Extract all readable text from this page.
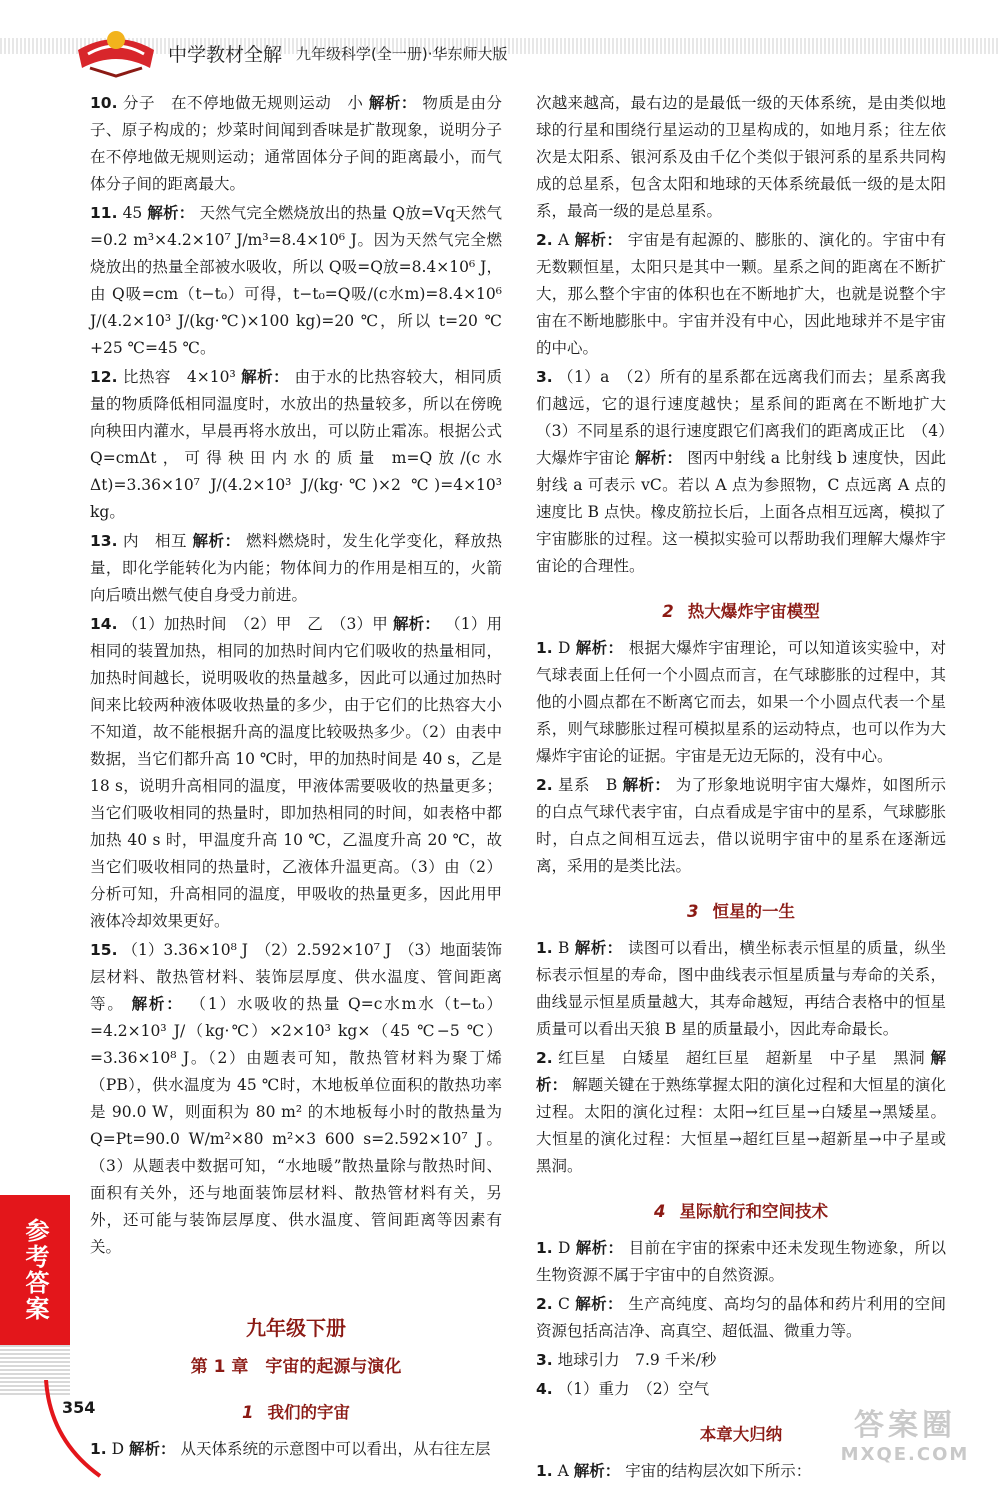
中学教材全解 九年级科学(全一册)·华东师大版

10. 分子　在不停地做无规则运动　小 解析： 物质是由分子、原子构成的；炒菜时间闻到香味是扩散现象，说明分子在不停地做无规则运动；通常固体分子间的距离最小，而气体分子间的距离最大。

11. 45 解析： 天然气完全燃烧放出的热量 Q放=Vq天然气=0.2 m³×4.2×10⁷ J/m³=8.4×10⁶ J。因为天然气完全燃烧放出的热量全部被水吸收，所以 Q吸=Q放=8.4×10⁶ J，由 Q吸=cm（t−t₀）可得，t−t₀=Q吸/(c水m)=8.4×10⁶ J/(4.2×10³ J/(kg·℃)×100 kg)=20 ℃，所以 t=20 ℃+25 ℃=45 ℃。

12. 比热容　4×10³ 解析： 由于水的比热容较大，相同质量的物质降低相同温度时，水放出的热量较多，所以在傍晚向秧田内灌水，早晨再将水放出，可以防止霜冻。根据公式 Q=cmΔt，可得秧田内水的质量 m=Q放/(c水Δt)=3.36×10⁷ J/(4.2×10³ J/(kg·℃)×2 ℃)=4×10³ kg。

13. 内　相互 解析： 燃料燃烧时，发生化学变化，释放热量，即化学能转化为内能；物体间力的作用是相互的，火箭向后喷出燃气使自身受力前进。

14. （1）加热时间　（2）甲　乙　（3）甲 解析： （1）用相同的装置加热，相同的加热时间内它们吸收的热量相同，加热时间越长，说明吸收的热量越多，因此可以通过加热时间来比较两种液体吸收热量的多少，由于它们的比热容大小不知道，故不能根据升高的温度比较吸热多少。（2）由表中数据，当它们都升高 10 ℃时，甲的加热时间是 40 s，乙是 18 s，说明升高相同的温度，甲液体需要吸收的热量更多；当它们吸收相同的热量时，即加热相同的时间，如表格中都加热 40 s 时，甲温度升高 10 ℃，乙温度升高 20 ℃，故当它们吸收相同的热量时，乙液体升温更高。（3）由（2）分析可知，升高相同的温度，甲吸收的热量更多，因此用甲液体冷却效果更好。

15. （1）3.36×10⁸ J　（2）2.592×10⁷ J　（3）地面装饰层材料、散热管材料、装饰层厚度、供水温度、管间距离等。 解析： （1）水吸收的热量 Q=c水m水（t−t₀）=4.2×10³ J/（kg·℃）×2×10³ kg×（45 ℃−5 ℃）=3.36×10⁸ J。（2）由题表可知，散热管材料为聚丁烯（PB），供水温度为 45 ℃时，木地板单位面积的散热功率是 90.0 W，则面积为 80 m² 的木地板每小时的散热量为 Q=Pt=90.0 W/m²×80 m²×3 600 s=2.592×10⁷ J。（3）从题表中数据可知，“水地暖”散热量除与散热时间、面积有关外，还与地面装饰层材料、散热管材料有关，另外，还可能与装饰层厚度、供水温度、管间距离等因素有关。

九年级下册
第 1 章　宇宙的起源与演化
1 我们的宇宙

1. D 解析： 从天体系统的示意图中可以看出，从右往左层

次越来越高，最右边的是最低一级的天体系统，是由类似地球的行星和围绕行星运动的卫星构成的，如地月系；往左依次是太阳系、银河系及由千亿个类似于银河系的星系共同构成的总星系，包含太阳和地球的天体系统最低一级的是太阳系，最高一级的是总星系。

2. A 解析： 宇宙是有起源的、膨胀的、演化的。宇宙中有无数颗恒星，太阳只是其中一颗。星系之间的距离在不断扩大，那么整个宇宙的体积也在不断地扩大，也就是说整个宇宙在不断地膨胀中。宇宙并没有中心，因此地球并不是宇宙的中心。

3. （1）a　（2）所有的星系都在远离我们而去；星系离我们越远，它的退行速度越快；星系间的距离在不断地扩大　（3）不同星系的退行速度跟它们离我们的距离成正比　（4）大爆炸宇宙论 解析： 图丙中射线 a 比射线 b 速度快，因此射线 a 可表示 vC。若以 A 点为参照物，C 点远离 A 点的速度比 B 点快。橡皮筋拉长后，上面各点相互远离，模拟了宇宙膨胀的过程。这一模拟实验可以帮助我们理解大爆炸宇宙论的合理性。

2 热大爆炸宇宙模型

1. D 解析： 根据大爆炸宇宙理论，可以知道该实验中，对气球表面上任何一个小圆点而言，在气球膨胀的过程中，其他的小圆点都在不断离它而去，如果一个小圆点代表一个星系，则气球膨胀过程可模拟星系的运动特点，也可以作为大爆炸宇宙论的证据。宇宙是无边无际的，没有中心。

2. 星系　B 解析： 为了形象地说明宇宙大爆炸，如图所示的白点气球代表宇宙，白点看成是宇宙中的星系，气球膨胀时，白点之间相互远去，借以说明宇宙中的星系在逐渐远离，采用的是类比法。

3 恒星的一生

1. B 解析： 读图可以看出，横坐标表示恒星的质量，纵坐标表示恒星的寿命，图中曲线表示恒星质量与寿命的关系，曲线显示恒星质量越大，其寿命越短，再结合表格中的恒星质量可以看出天狼 B 星的质量最小，因此寿命最长。

2. 红巨星　白矮星　超红巨星　超新星　中子星　黑洞 解析： 解题关键在于熟练掌握太阳的演化过程和大恒星的演化过程。太阳的演化过程：太阳→红巨星→白矮星→黑矮星。大恒星的演化过程：大恒星→超红巨星→超新星→中子星或黑洞。

4 星际航行和空间技术

1. D 解析： 目前在宇宙的探索中还未发现生物迹象，所以生物资源不属于宇宙中的自然资源。

2. C 解析： 生产高纯度、高均匀的晶体和药片利用的空间资源包括高洁净、高真空、超低温、微重力等。

3. 地球引力　7.9 千米/秒

4. （1）重力　（2）空气

本章大归纳

1. A 解析： 宇宙的结构层次如下所示：

参考答案
354
答案圈
MXQE.COM
